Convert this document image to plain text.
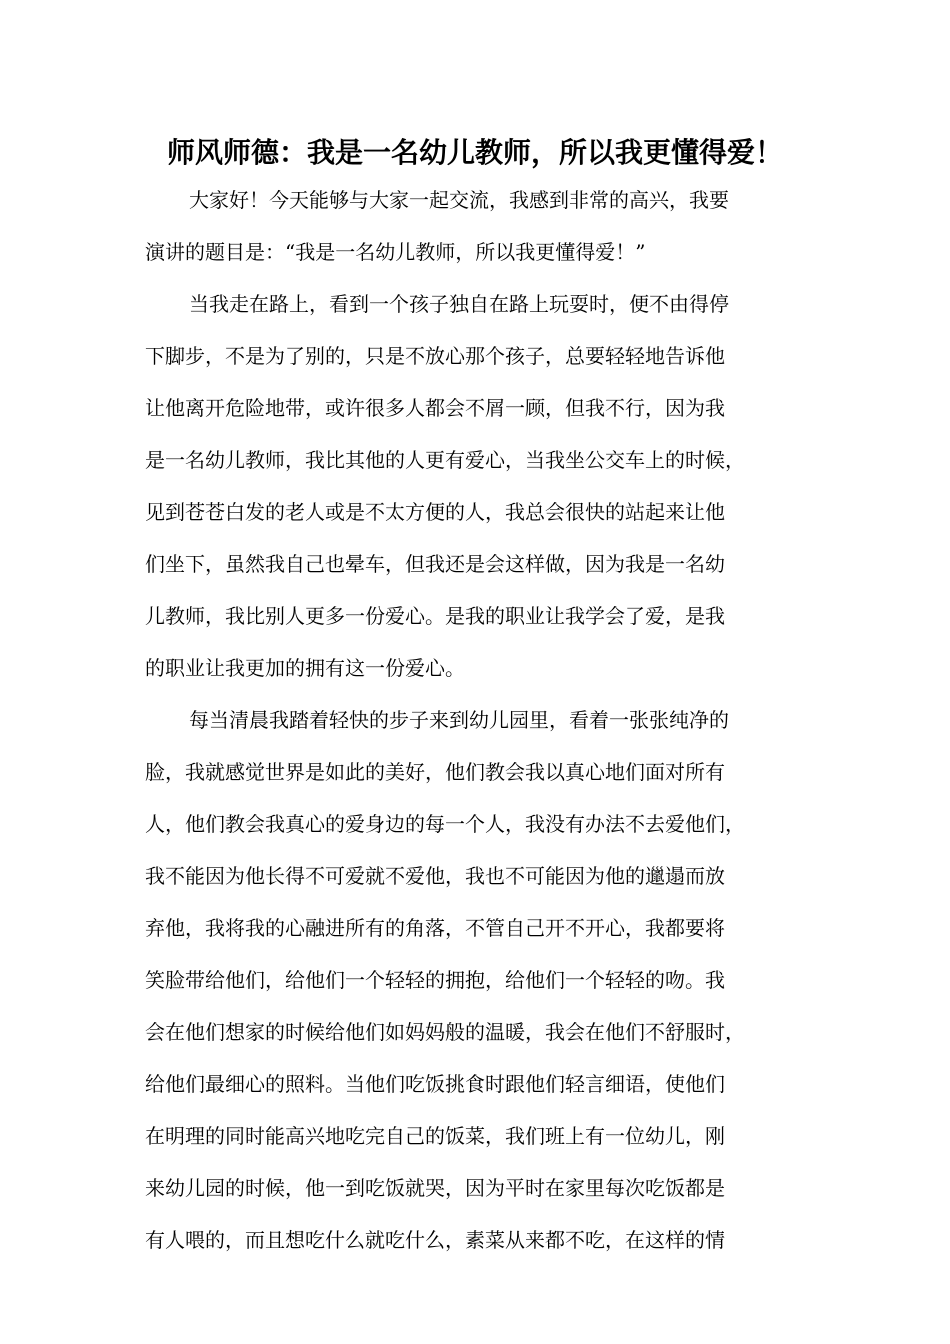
师风师德：我是一名幼儿教师，所以我更懂得爱！

大家好！今天能够与大家一起交流，我感到非常的高兴，我要

演讲的题目是：“我是一名幼儿教师，所以我更懂得爱！”

当我走在路上，看到一个孩子独自在路上玩耍时，便不由得停

下脚步，不是为了别的，只是不放心那个孩子，总要轻轻地告诉他

让他离开危险地带，或许很多人都会不屑一顾，但我不行，因为我

是一名幼儿教师，我比其他的人更有爱心，当我坐公交车上的时候，

见到苍苍白发的老人或是不太方便的人，我总会很快的站起来让他

们坐下，虽然我自己也晕车，但我还是会这样做，因为我是一名幼

儿教师，我比别人更多一份爱心。是我的职业让我学会了爱，是我

的职业让我更加的拥有这一份爱心。

每当清晨我踏着轻快的步子来到幼儿园里，看着一张张纯净的

脸，我就感觉世界是如此的美好，他们教会我以真心地们面对所有

人，他们教会我真心的爱身边的每一个人，我没有办法不去爱他们，

我不能因为他长得不可爱就不爱他，我也不可能因为他的邋遢而放

弃他，我将我的心融进所有的角落，不管自己开不开心，我都要将

笑脸带给他们，给他们一个轻轻的拥抱，给他们一个轻轻的吻。我

会在他们想家的时候给他们如妈妈般的温暖，我会在他们不舒服时，

给他们最细心的照料。当他们吃饭挑食时跟他们轻言细语，使他们

在明理的同时能高兴地吃完自己的饭菜，我们班上有一位幼儿，刚

来幼儿园的时候，他一到吃饭就哭，因为平时在家里每次吃饭都是

有人喂的，而且想吃什么就吃什么，素菜从来都不吃，在这样的情
